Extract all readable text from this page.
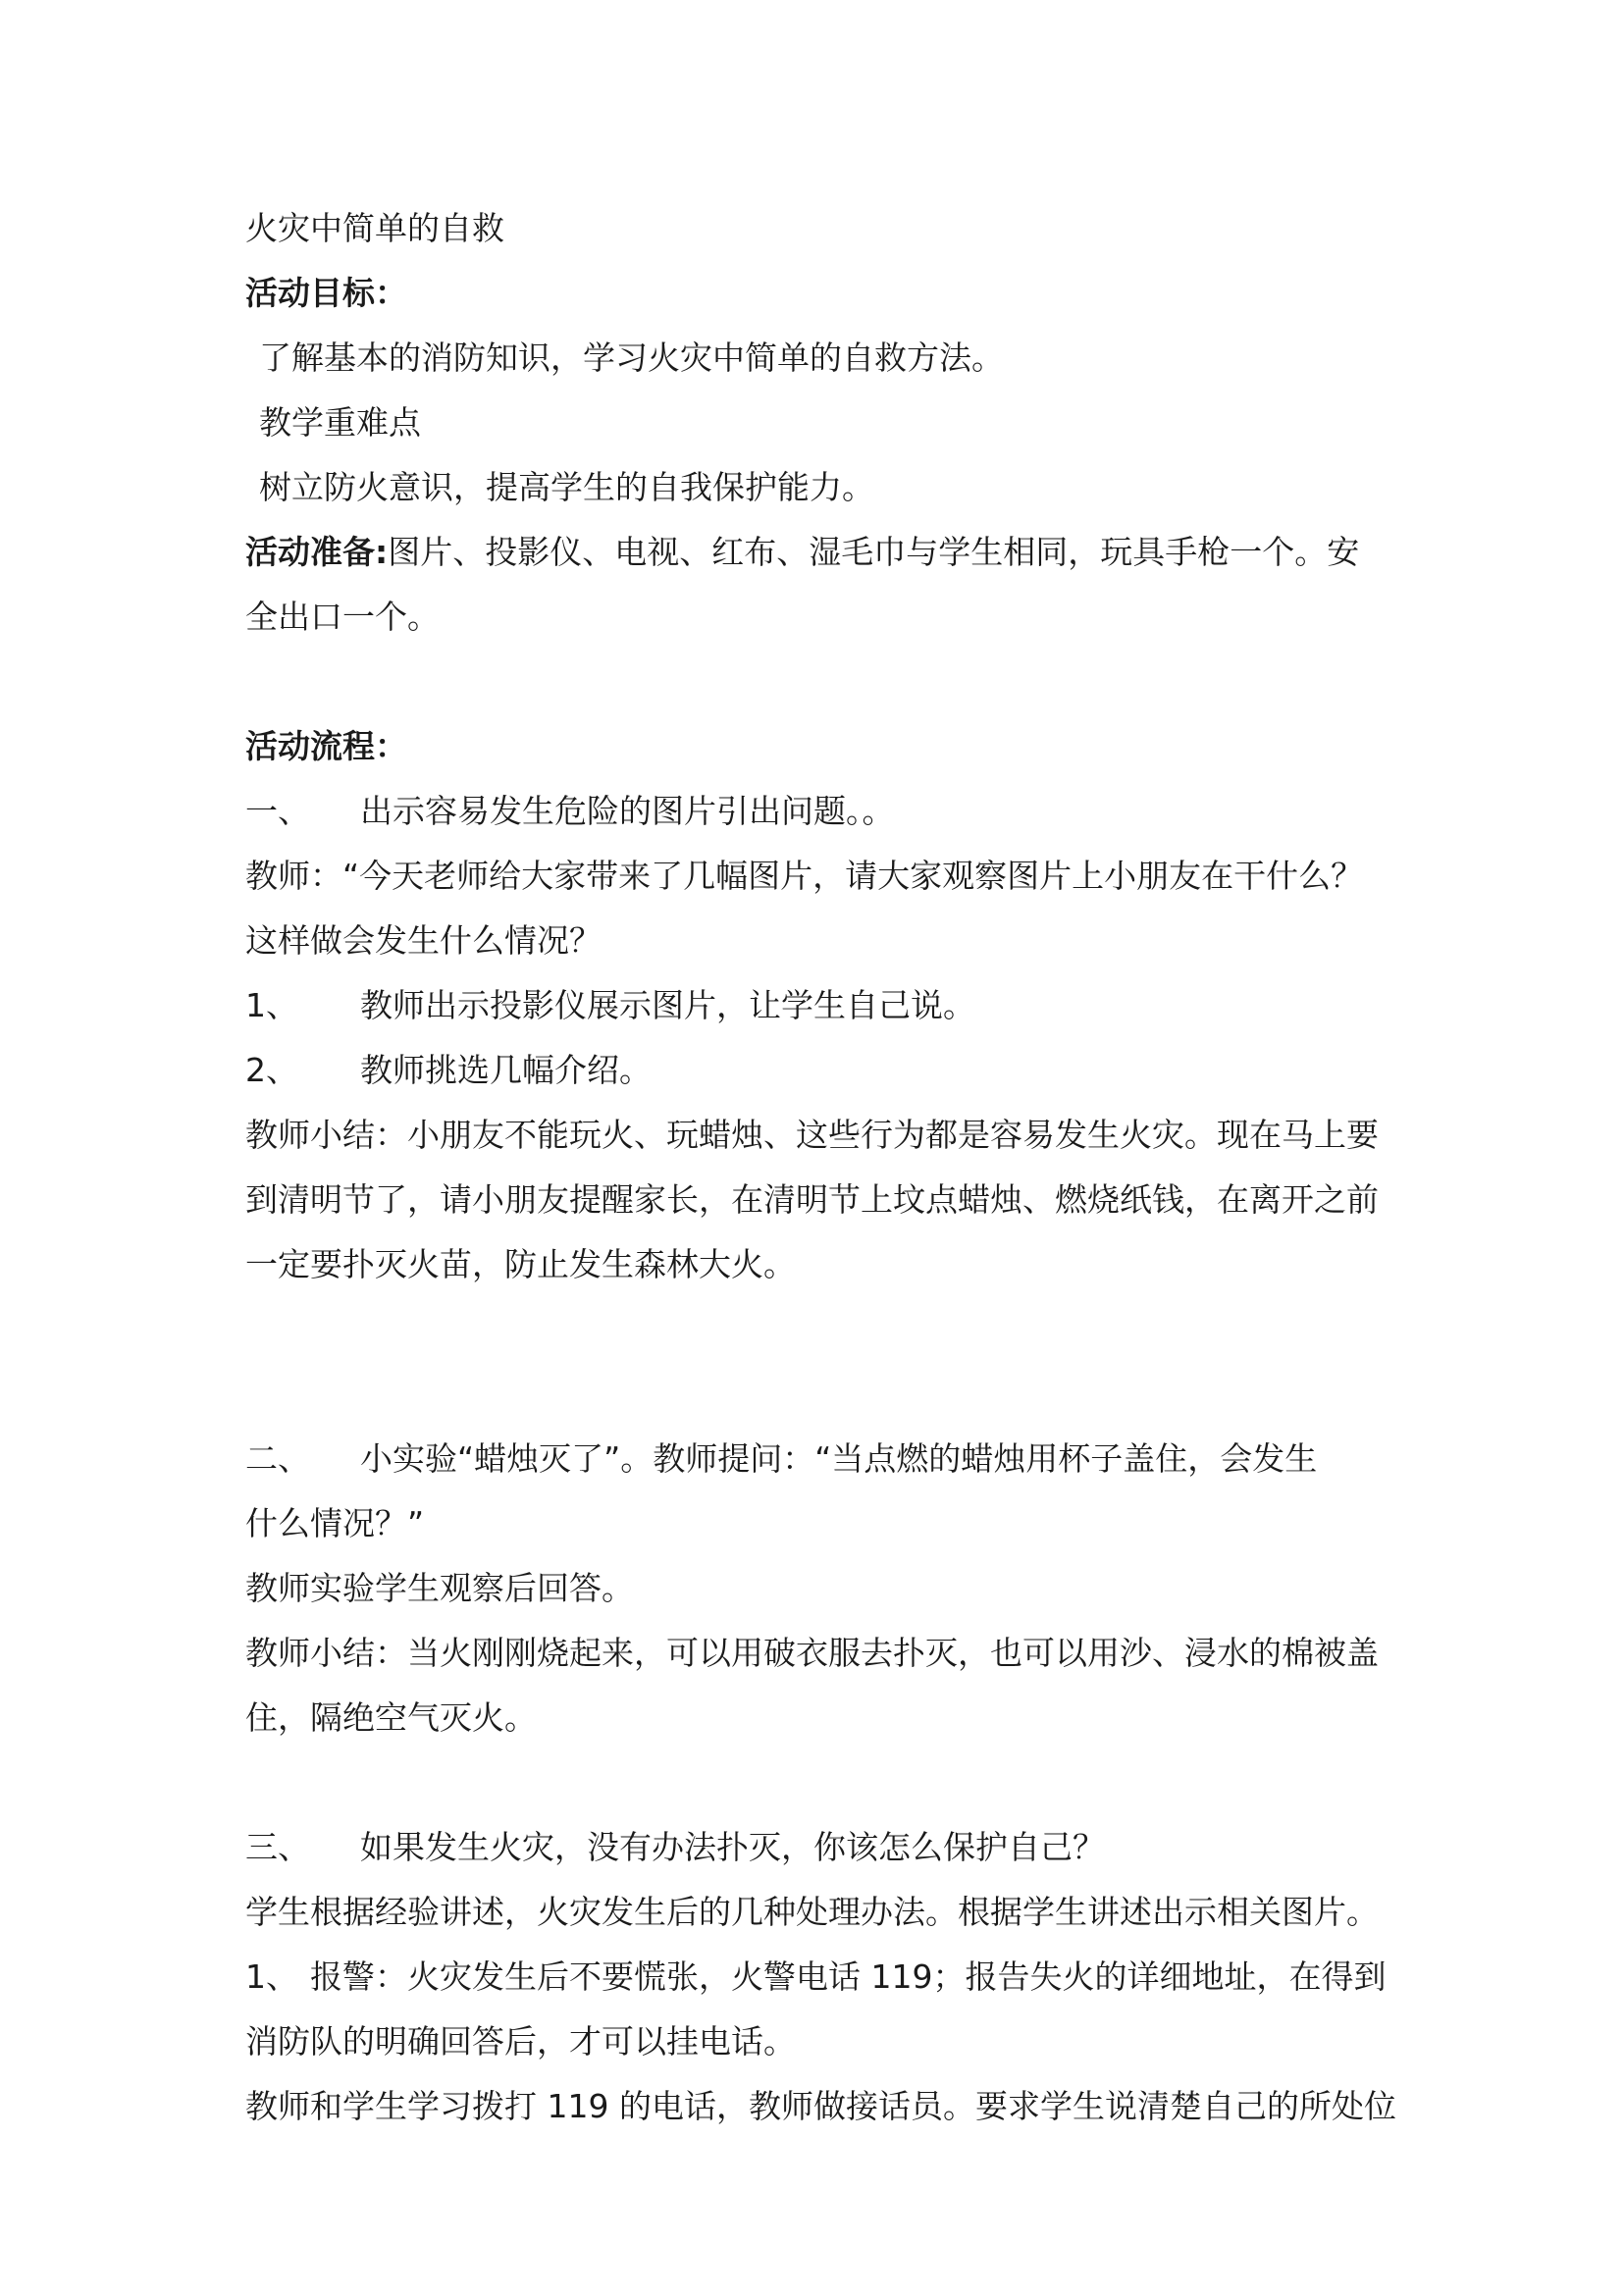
火灾中简单的自救
活动目标：
了解基本的消防知识，学习火灾中简单的自救方法。
教学重难点
树立防火意识，提高学生的自我保护能力。
活动准备:图片、投影仪、电视、红布、湿毛巾与学生相同，玩具手枪一个。安
全出口一个。
活动流程：
一、 出示容易发生危险的图片引出问题。。
教师：“今天老师给大家带来了几幅图片，请大家观察图片上小朋友在干什么？
这样做会发生什么情况？
1、 教师出示投影仪展示图片，让学生自己说。
2、 教师挑选几幅介绍。
教师小结：小朋友不能玩火、玩蜡烛、这些行为都是容易发生火灾。现在马上要
到清明节了，请小朋友提醒家长，在清明节上坟点蜡烛、燃烧纸钱，在离开之前
一定要扑灭火苗，防止发生森林大火。
二、 小实验“蜡烛灭了”。教师提问：“当点燃的蜡烛用杯子盖住，会发生
什么情况？”
教师实验学生观察后回答。
教师小结：当火刚刚烧起来，可以用破衣服去扑灭，也可以用沙、浸水的棉被盖
住，隔绝空气灭火。
三、 如果发生火灾，没有办法扑灭，你该怎么保护自己？
学生根据经验讲述，火灾发生后的几种处理办法。根据学生讲述出示相关图片。
1、 报警：火灾发生后不要慌张，火警电话 119；报告失火的详细地址，在得到
消防队的明确回答后，才可以挂电话。
教师和学生学习拨打 119 的电话，教师做接话员。要求学生说清楚自己的所处位
